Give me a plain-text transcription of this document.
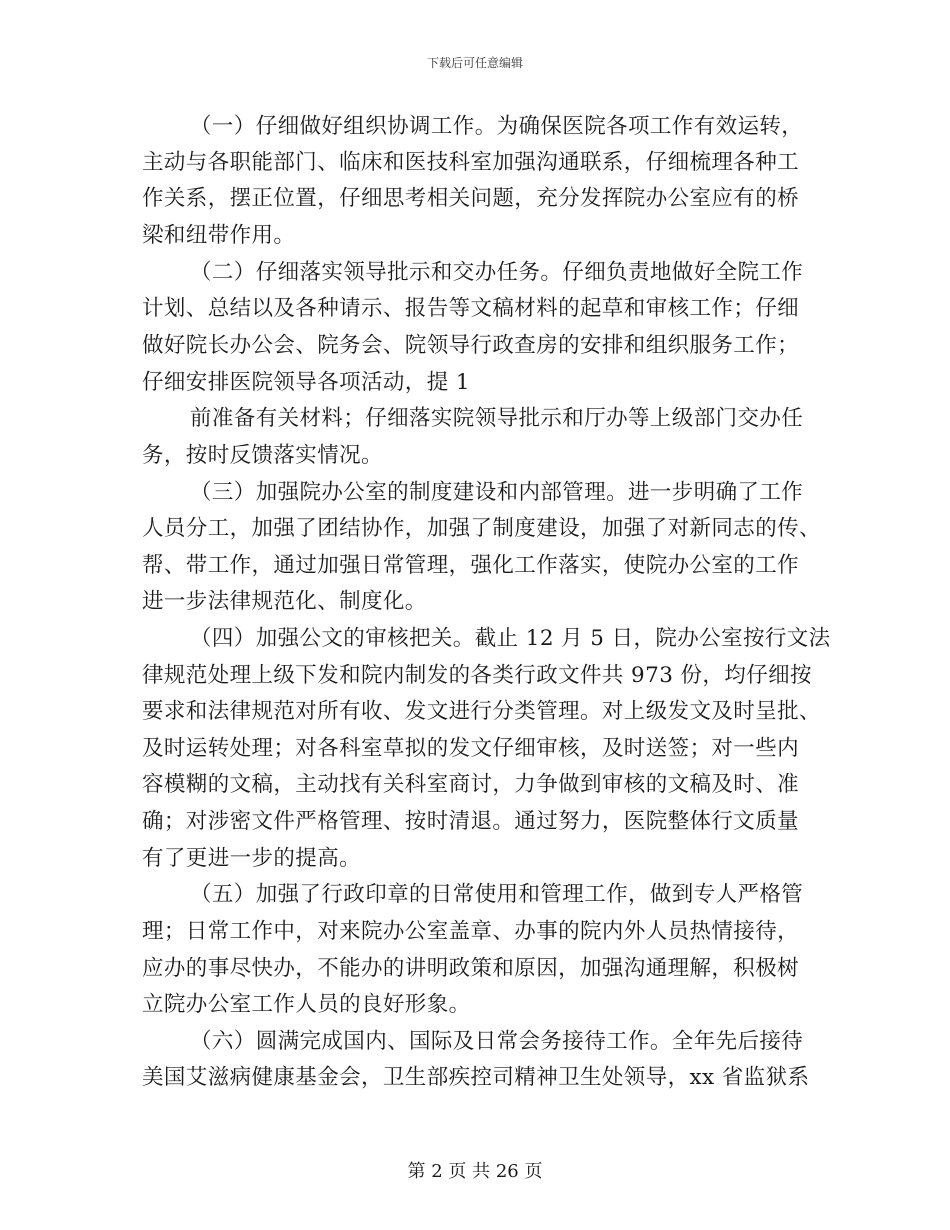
下载后可任意编辑
（一）仔细做好组织协调工作。为确保医院各项工作有效运转，
主动与各职能部门、临床和医技科室加强沟通联系，仔细梳理各种工
作关系，摆正位置，仔细思考相关问题，充分发挥院办公室应有的桥
梁和纽带作用。
（二）仔细落实领导批示和交办任务。仔细负责地做好全院工作
计划、总结以及各种请示、报告等文稿材料的起草和审核工作；仔细
做好院长办公会、院务会、院领导行政查房的安排和组织服务工作；
仔细安排医院领导各项活动，提 1
前准备有关材料；仔细落实院领导批示和厅办等上级部门交办任
务，按时反馈落实情况。
（三）加强院办公室的制度建设和内部管理。进一步明确了工作
人员分工，加强了团结协作，加强了制度建设，加强了对新同志的传、
帮、带工作，通过加强日常管理，强化工作落实，使院办公室的工作
进一步法律规范化、制度化。
（四）加强公文的审核把关。截止 12 月 5 日，院办公室按行文法
律规范处理上级下发和院内制发的各类行政文件共 973 份，均仔细按
要求和法律规范对所有收、发文进行分类管理。对上级发文及时呈批、
及时运转处理；对各科室草拟的发文仔细审核，及时送签；对一些内
容模糊的文稿，主动找有关科室商讨，力争做到审核的文稿及时、准
确；对涉密文件严格管理、按时清退。通过努力，医院整体行文质量
有了更进一步的提高。
（五）加强了行政印章的日常使用和管理工作，做到专人严格管
理；日常工作中，对来院办公室盖章、办事的院内外人员热情接待，
应办的事尽快办，不能办的讲明政策和原因，加强沟通理解，积极树
立院办公室工作人员的良好形象。
（六）圆满完成国内、国际及日常会务接待工作。全年先后接待
美国艾滋病健康基金会，卫生部疾控司精神卫生处领导，xx 省监狱系
第 2 页 共 26 页
